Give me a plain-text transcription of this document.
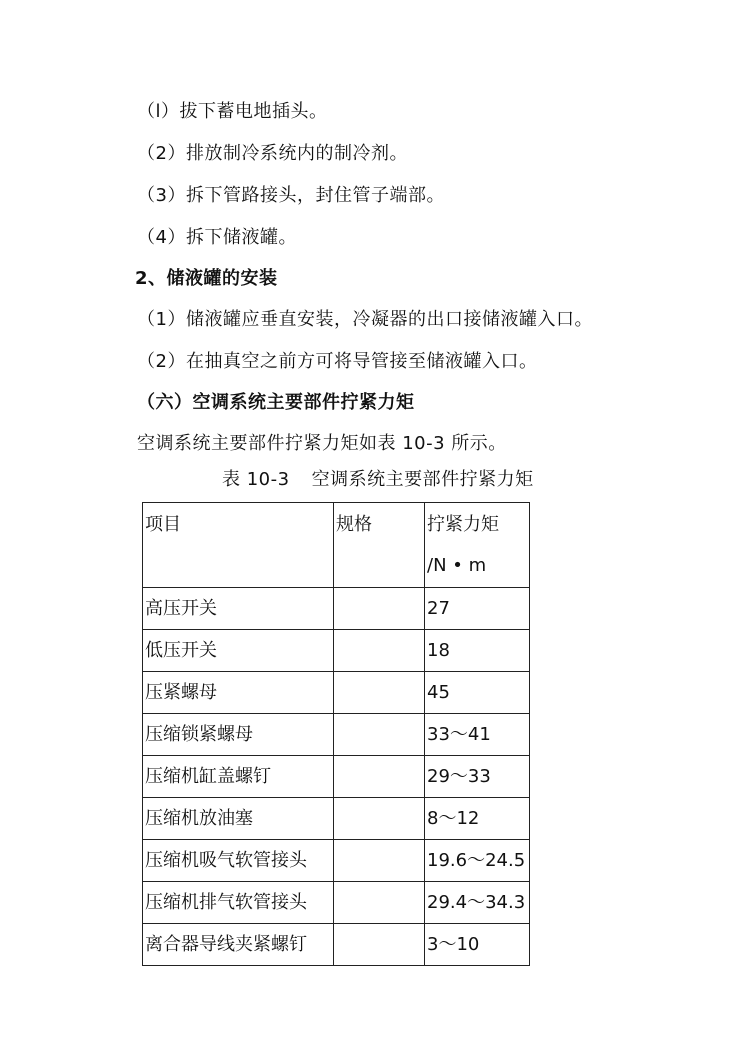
（l）拔下蓄电地插头。
（2）排放制冷系统内的制冷剂。
（3）拆下管路接头，封住管子端部。
（4）拆下储液罐。
2、储液罐的安装
（1）储液罐应垂直安装，冷凝器的出口接储液罐入口。
（2）在抽真空之前方可将导管接至储液罐入口。
（六）空调系统主要部件拧紧力矩
空调系统主要部件拧紧力矩如表 10-3 所示。
表 10-3 空调系统主要部件拧紧力矩
项目	规格	拧紧力矩
/N • m

高压开关		27
低压开关		18
压紧螺母		45
压缩锁紧螺母		33～41
压缩机缸盖螺钉		29～33
压缩机放油塞		8～12
压缩机吸气软管接头		19.6～24.5
压缩机排气软管接头		29.4～34.3
离合器导线夹紧螺钉		3～10
